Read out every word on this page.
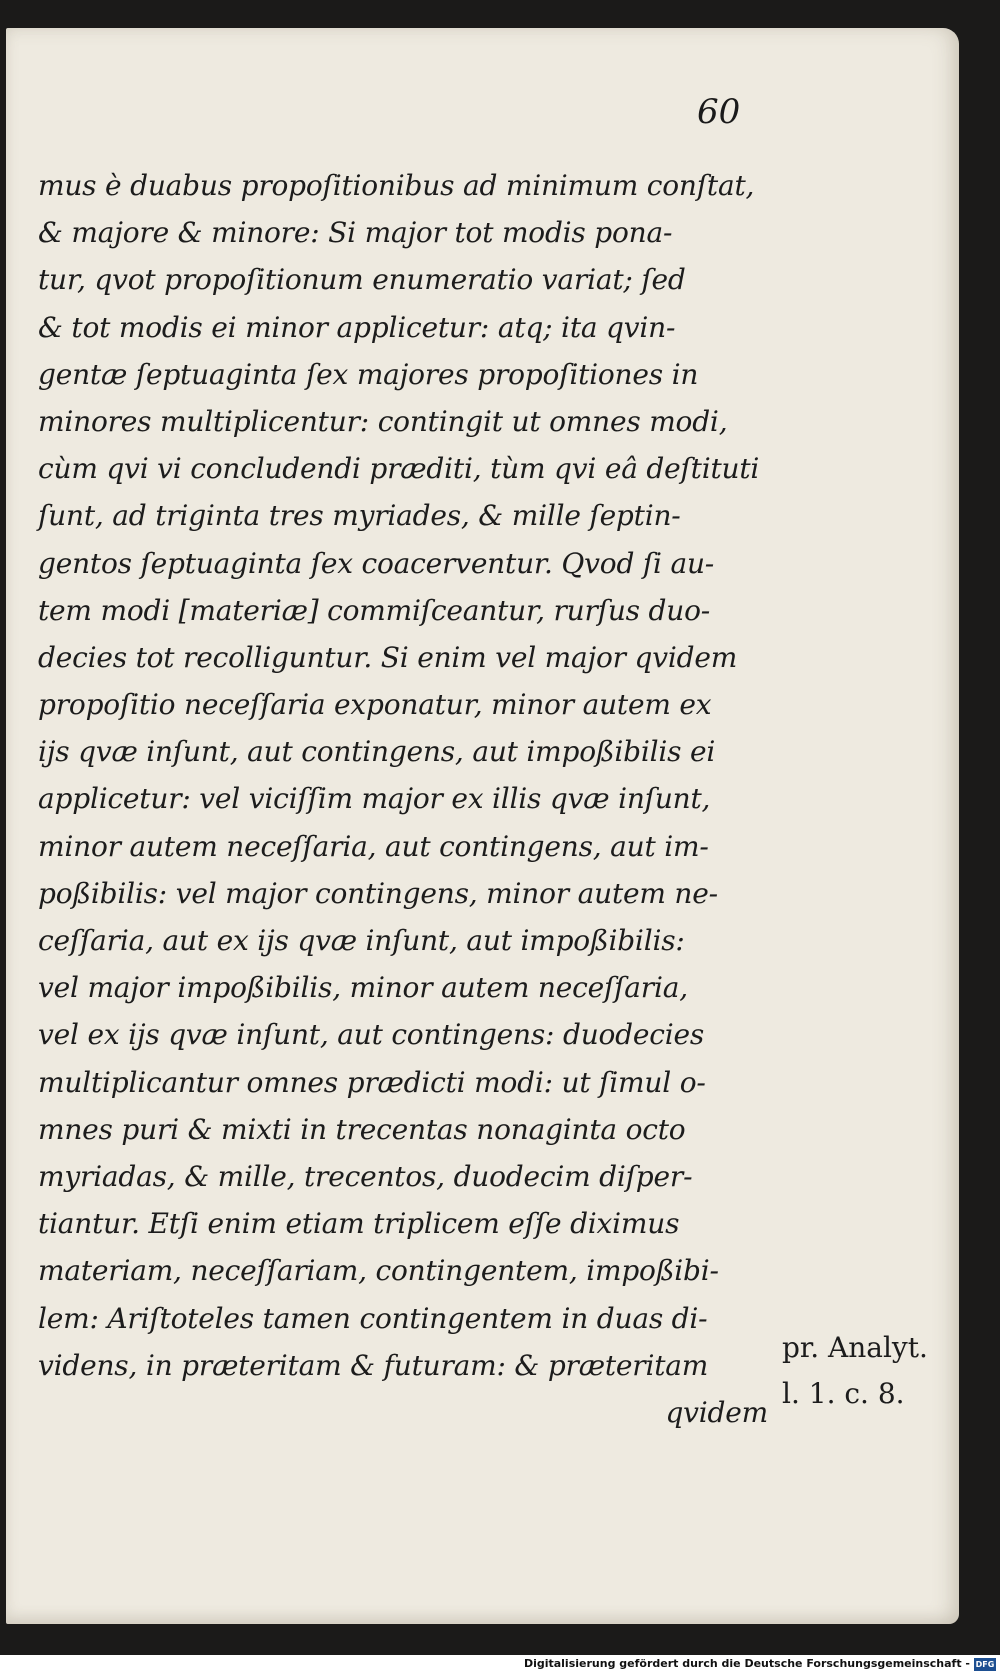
60
mus è duabus propoſitionibus ad minimum conſtat,
& majore & minore: Si major tot modis pona-
tur, qvot propoſitionum enumeratio variat; ſed
& tot modis ei minor applicetur: atq; ita qvin-
gentæ ſeptuaginta ſex majores propoſitiones in
minores multiplicentur: contingit ut omnes modi,
cùm qvi vi concludendi præditi, tùm qvi eâ deſtituti
ſunt, ad triginta tres myriades, & mille ſeptin-
gentos ſeptuaginta ſex coacerventur. Qvod ſi au-
tem modi [materiæ] commiſceantur, rurſus duo-
decies tot recolliguntur. Si enim vel major qvidem
propoſitio neceſſaria exponatur, minor autem ex
ijs qvæ inſunt, aut contingens, aut impoßibilis ei
applicetur: vel viciſſim major ex illis qvæ inſunt,
minor autem neceſſaria, aut contingens, aut im-
poßibilis: vel major contingens, minor autem ne-
ceſſaria, aut ex ijs qvæ inſunt, aut impoßibilis:
vel major impoßibilis, minor autem neceſſaria,
vel ex ijs qvæ inſunt, aut contingens: duodecies
multiplicantur omnes prædicti modi: ut ſimul o-
mnes puri & mixti in trecentas nonaginta octo
myriadas, & mille, trecentos, duodecim diſper-
tiantur. Etſi enim etiam triplicem eſſe diximus
materiam, neceſſariam, contingentem, impoßibi-
lem: Ariſtoteles tamen contingentem in duas di-
videns, in præteritam & futuram: & præteritam
qvidem
pr. Analyt.
l. 1. c. 8.
Digitalisierung gefördert durch die Deutsche Forschungsgemeinschaft - DFG
